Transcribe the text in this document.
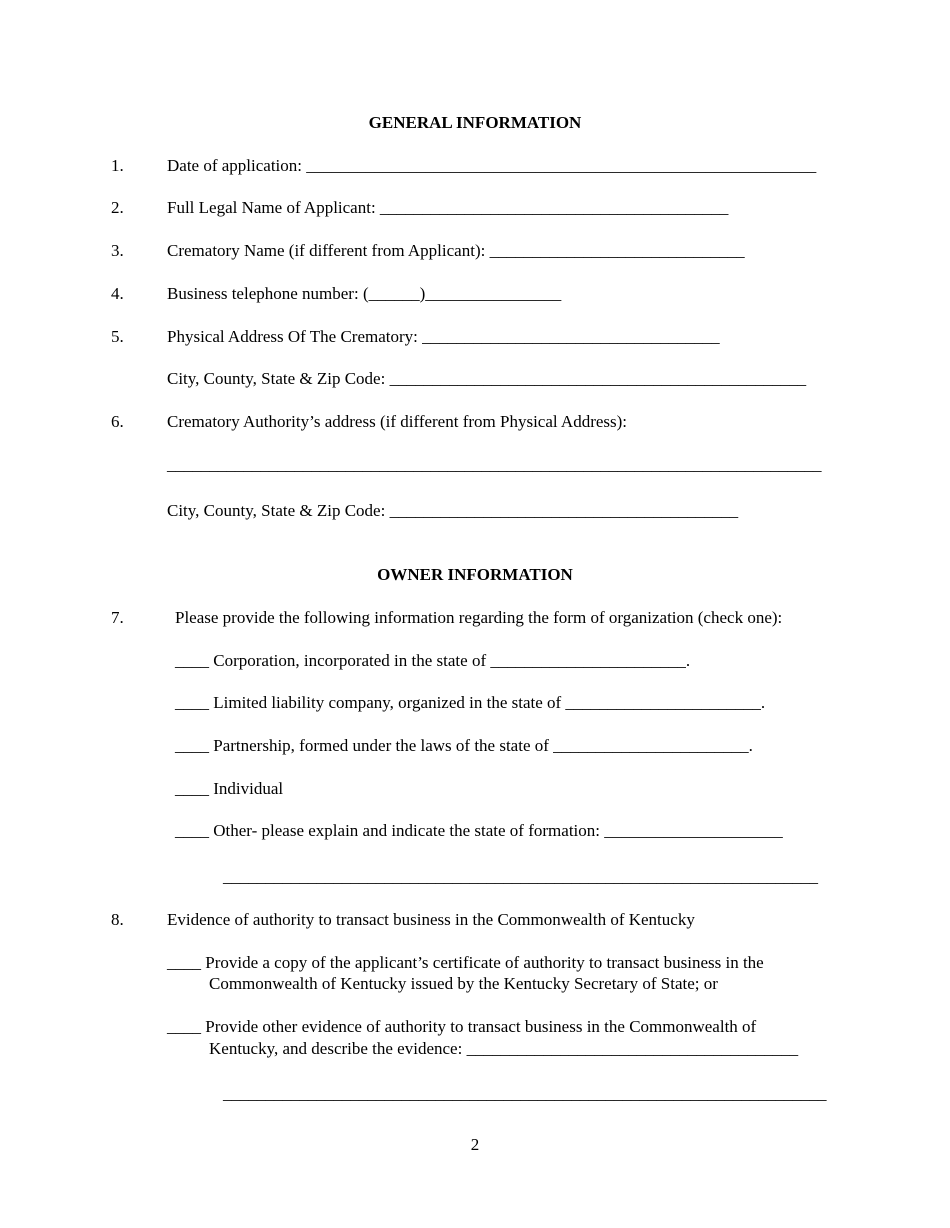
GENERAL INFORMATION
1.	Date of application: ____________________________________________________________
2.	Full Legal Name of Applicant: _________________________________________
3.	Crematory Name (if different from Applicant): ______________________________
4.	Business telephone number: (______)________________
5.	Physical Address Of The Crematory: ___________________________________
City, County, State & Zip Code: _________________________________________________
6.	Crematory Authority’s address (if different from Physical Address):
_____________________________________________________________________________
City, County, State & Zip Code: _________________________________________
OWNER INFORMATION
7.	Please provide the following information regarding the form of organization (check one):
____ Corporation, incorporated in the state of _______________________.
____ Limited liability company, organized in the state of _______________________.
____ Partnership, formed under the laws of the state of _______________________.
____ Individual
____ Other- please explain and indicate the state of formation: _____________________
______________________________________________________________________
8.	Evidence of authority to transact business in the Commonwealth of Kentucky
____ Provide a copy of the applicant’s certificate of authority to transact business in the
Commonwealth of Kentucky issued by the Kentucky Secretary of State; or
____ Provide other evidence of authority to transact business in the Commonwealth of
Kentucky, and describe the evidence: _______________________________________
_______________________________________________________________________
2
